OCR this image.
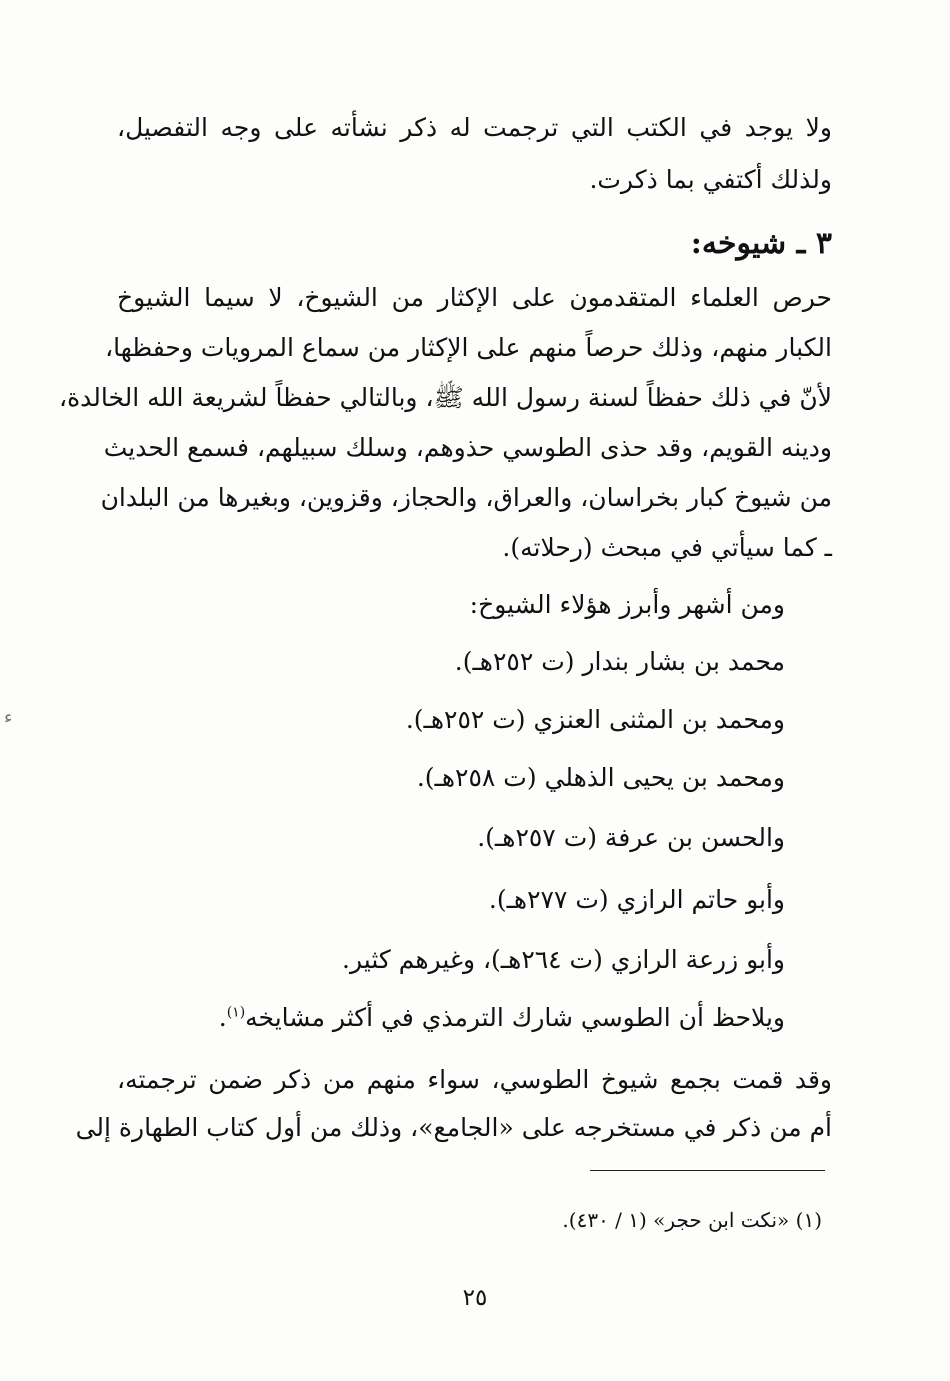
ولا يوجد في الكتب التي ترجمت له ذكر نشأته على وجه التفصيل،
ولذلك أكتفي بما ذكرت.
٣ ـ شيوخه:
حرص العلماء المتقدمون على الإكثار من الشيوخ، لا سيما الشيوخ
الكبار منهم، وذلك حرصاً منهم على الإكثار من سماع المرويات وحفظها،
لأنّ في ذلك حفظاً لسنة رسول الله ﷺ، وبالتالي حفظاً لشريعة الله الخالدة،
ودينه القويم، وقد حذى الطوسي حذوهم، وسلك سبيلهم، فسمع الحديث
من شيوخ كبار بخراسان، والعراق، والحجاز، وقزوين، وبغيرها من البلدان
ـ كما سيأتي في مبحث (رحلاته).
ومن أشهر وأبرز هؤلاء الشيوخ:
محمد بن بشار بندار (ت ٢٥٢هـ).
ومحمد بن المثنى العنزي (ت ٢٥٢هـ).
ومحمد بن يحيى الذهلي (ت ٢٥٨هـ).
والحسن بن عرفة (ت ٢٥٧هـ).
وأبو حاتم الرازي (ت ٢٧٧هـ).
وأبو زرعة الرازي (ت ٢٦٤هـ)، وغيرهم كثير.
ويلاحظ أن الطوسي شارك الترمذي في أكثر مشايخه$^{(١)}$.
وقد قمت بجمع شيوخ الطوسي، سواء منهم من ذكر ضمن ترجمته،
أم من ذكر في مستخرجه على «الجامع»، وذلك من أول كتاب الطهارة إلى
(١) «نكت ابن حجر» (١ / ٤٣٠).
٢٥
ﺀ
